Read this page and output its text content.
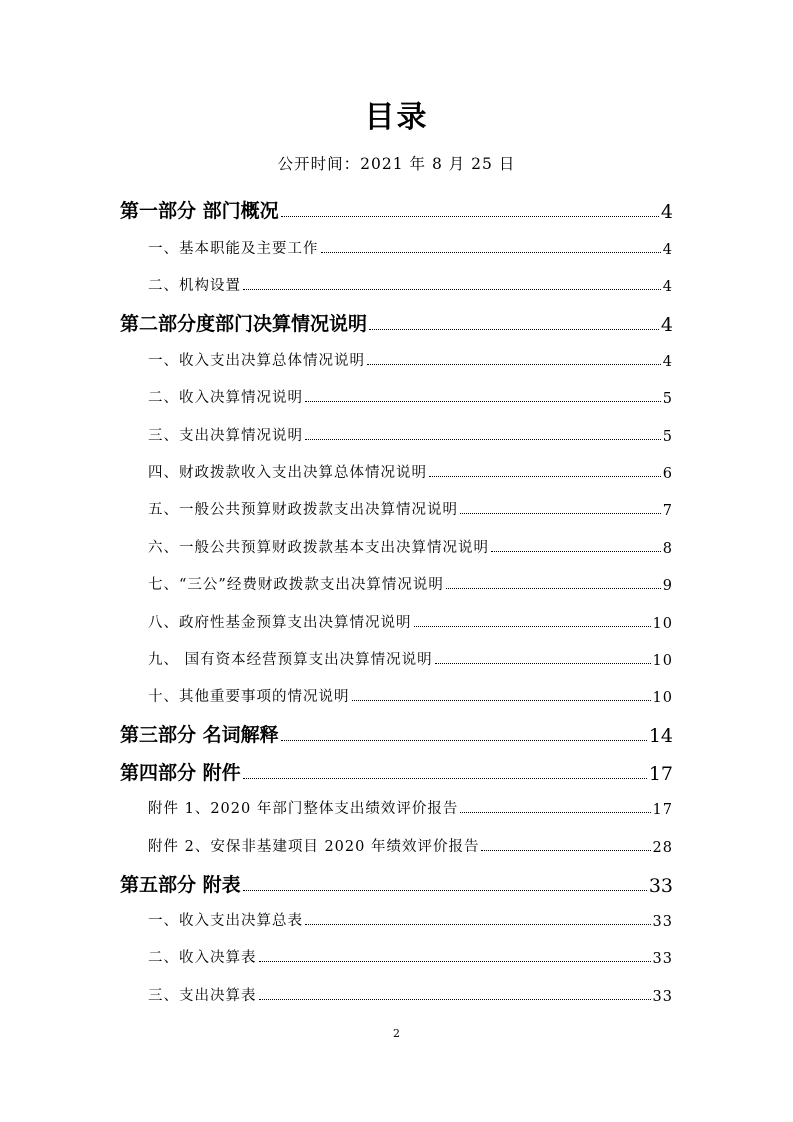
目录
公开时间：2021 年 8 月 25 日
第一部分 部门概况	4
一、基本职能及主要工作	4
二、机构设置	4
第二部分度部门决算情况说明	4
一、收入支出决算总体情况说明	4
二、收入决算情况说明	5
三、支出决算情况说明	5
四、财政拨款收入支出决算总体情况说明	6
五、一般公共预算财政拨款支出决算情况说明	7
六、一般公共预算财政拨款基本支出决算情况说明	8
七、“三公”经费财政拨款支出决算情况说明	9
八、政府性基金预算支出决算情况说明	10
九、 国有资本经营预算支出决算情况说明	10
十、其他重要事项的情况说明	10
第三部分 名词解释	14
第四部分 附件	17
附件 1、2020 年部门整体支出绩效评价报告	17
附件 2、安保非基建项目 2020 年绩效评价报告	28
第五部分 附表	33
一、收入支出决算总表	33
二、收入决算表	33
三、支出决算表	33
2
